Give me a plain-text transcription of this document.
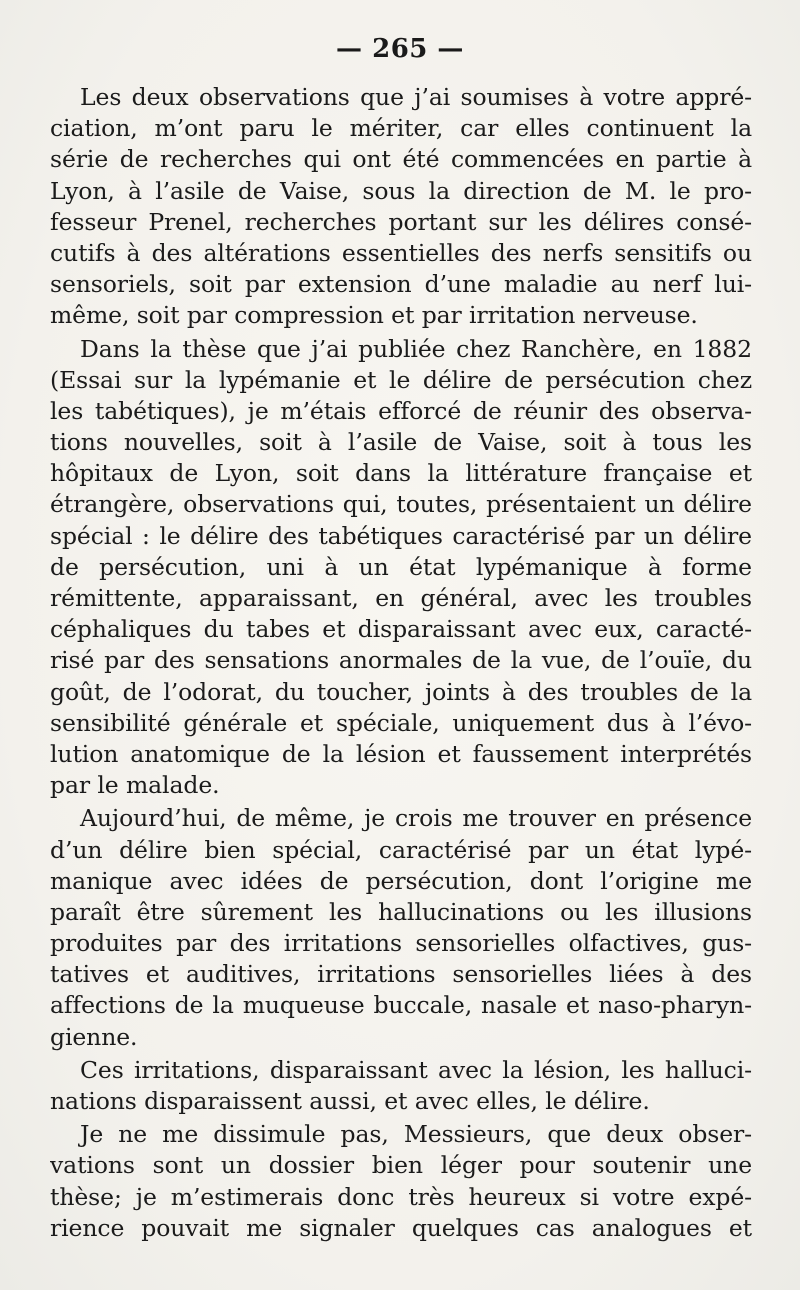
— 265 —
Les deux observations que j’ai soumises à votre appré-
ciation, m’ont paru le mériter, car elles continuent la
série de recherches qui ont été commencées en partie à
Lyon, à l’asile de Vaise, sous la direction de M. le pro-
fesseur Prenel, recherches portant sur les délires consé-
cutifs à des altérations essentielles des nerfs sensitifs ou
sensoriels, soit par extension d’une maladie au nerf lui-
même, soit par compression et par irritation nerveuse.
Dans la thèse que j’ai publiée chez Ranchère, en 1882
(Essai sur la lypémanie et le délire de persécution chez
les tabétiques), je m’étais efforcé de réunir des observa-
tions nouvelles, soit à l’asile de Vaise, soit à tous les
hôpitaux de Lyon, soit dans la littérature française et
étrangère, observations qui, toutes, présentaient un délire
spécial : le délire des tabétiques caractérisé par un délire
de persécution, uni à un état lypémanique à forme
rémittente, apparaissant, en général, avec les troubles
céphaliques du tabes et disparaissant avec eux, caracté-
risé par des sensations anormales de la vue, de l’ouïe, du
goût, de l’odorat, du toucher, joints à des troubles de la
sensibilité générale et spéciale, uniquement dus à l’évo-
lution anatomique de la lésion et faussement interprétés
par le malade.
Aujourd’hui, de même, je crois me trouver en présence
d’un délire bien spécial, caractérisé par un état lypé-
manique avec idées de persécution, dont l’origine me
paraît être sûrement les hallucinations ou les illusions
produites par des irritations sensorielles olfactives, gus-
tatives et auditives, irritations sensorielles liées à des
affections de la muqueuse buccale, nasale et naso-pharyn-
gienne.
Ces irritations, disparaissant avec la lésion, les halluci-
nations disparaissent aussi, et avec elles, le délire.
Je ne me dissimule pas, Messieurs, que deux obser-
vations sont un dossier bien léger pour soutenir une
thèse; je m’estimerais donc très heureux si votre expé-
rience pouvait me signaler quelques cas analogues et
